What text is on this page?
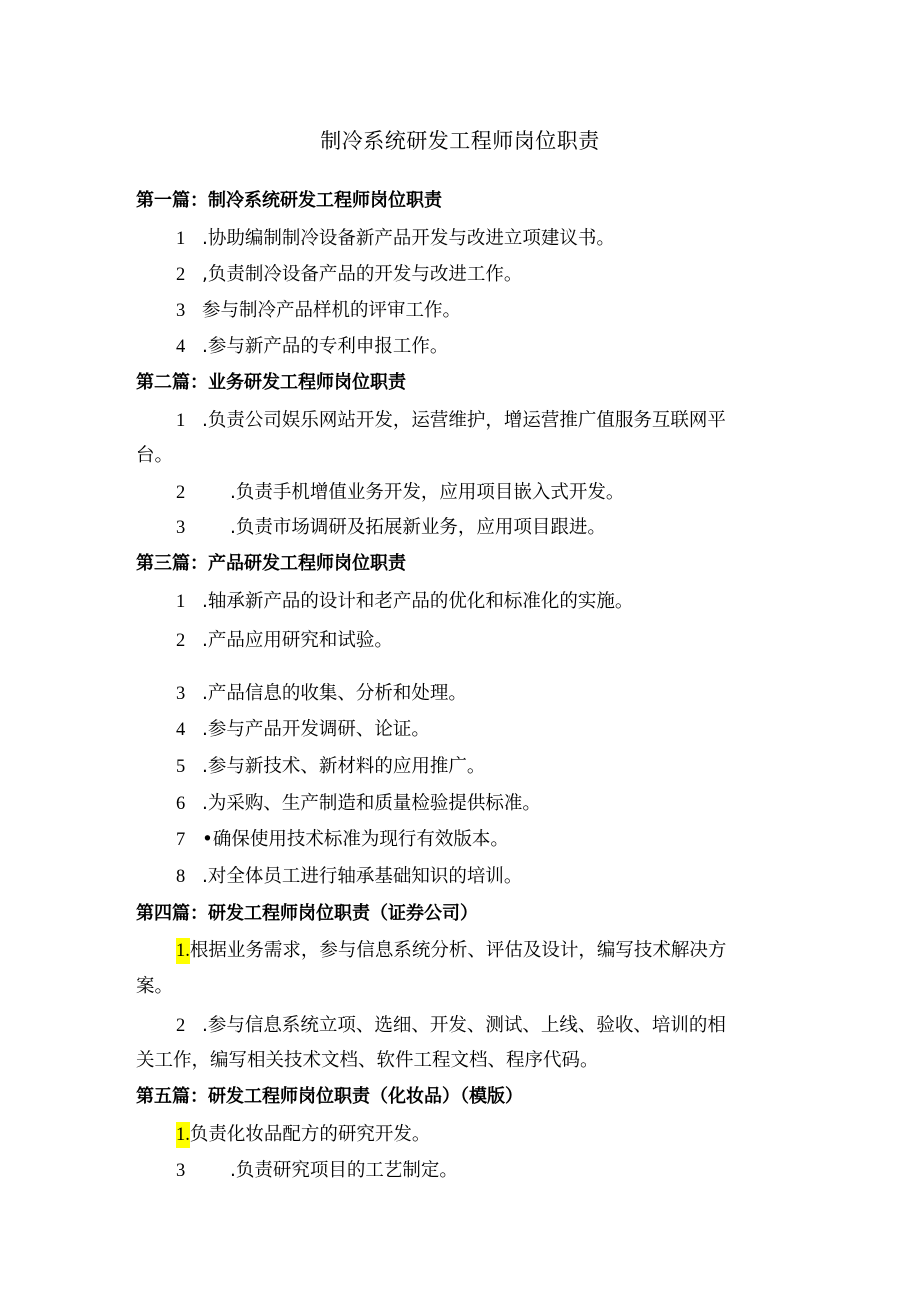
制冷系统研发工程师岗位职责
第一篇：制冷系统研发工程师岗位职责
1 .协助编制制冷设备新产品开发与改进立项建议书。
2 ,负责制冷设备产品的开发与改进工作。
3 参与制冷产品样机的评审工作。
4 .参与新产品的专利申报工作。
第二篇：业务研发工程师岗位职责
1 .负责公司娱乐网站开发，运营维护，增运营推广值服务互联网平
台。
2 .负责手机增值业务开发，应用项目嵌入式开发。
3 .负责市场调研及拓展新业务，应用项目跟进。
第三篇：产品研发工程师岗位职责
1 .轴承新产品的设计和老产品的优化和标准化的实施。
2 .产品应用研究和试验。
3 .产品信息的收集、分析和处理。
4 .参与产品开发调研、论证。
5 .参与新技术、新材料的应用推广。
6 .为采购、生产制造和质量检验提供标准。
7 •确保使用技术标准为现行有效版本。
8 .对全体员工进行轴承基础知识的培训。
第四篇：研发工程师岗位职责（证券公司）
1.根据业务需求，参与信息系统分析、评估及设计，编写技术解决方
案。
2 .参与信息系统立项、选细、开发、测试、上线、验收、培训的相
关工作，编写相关技术文档、软件工程文档、程序代码。
第五篇：研发工程师岗位职责（化妆品）（模版）
1.负责化妆品配方的研究开发。
3 .负责研究项目的工艺制定。
